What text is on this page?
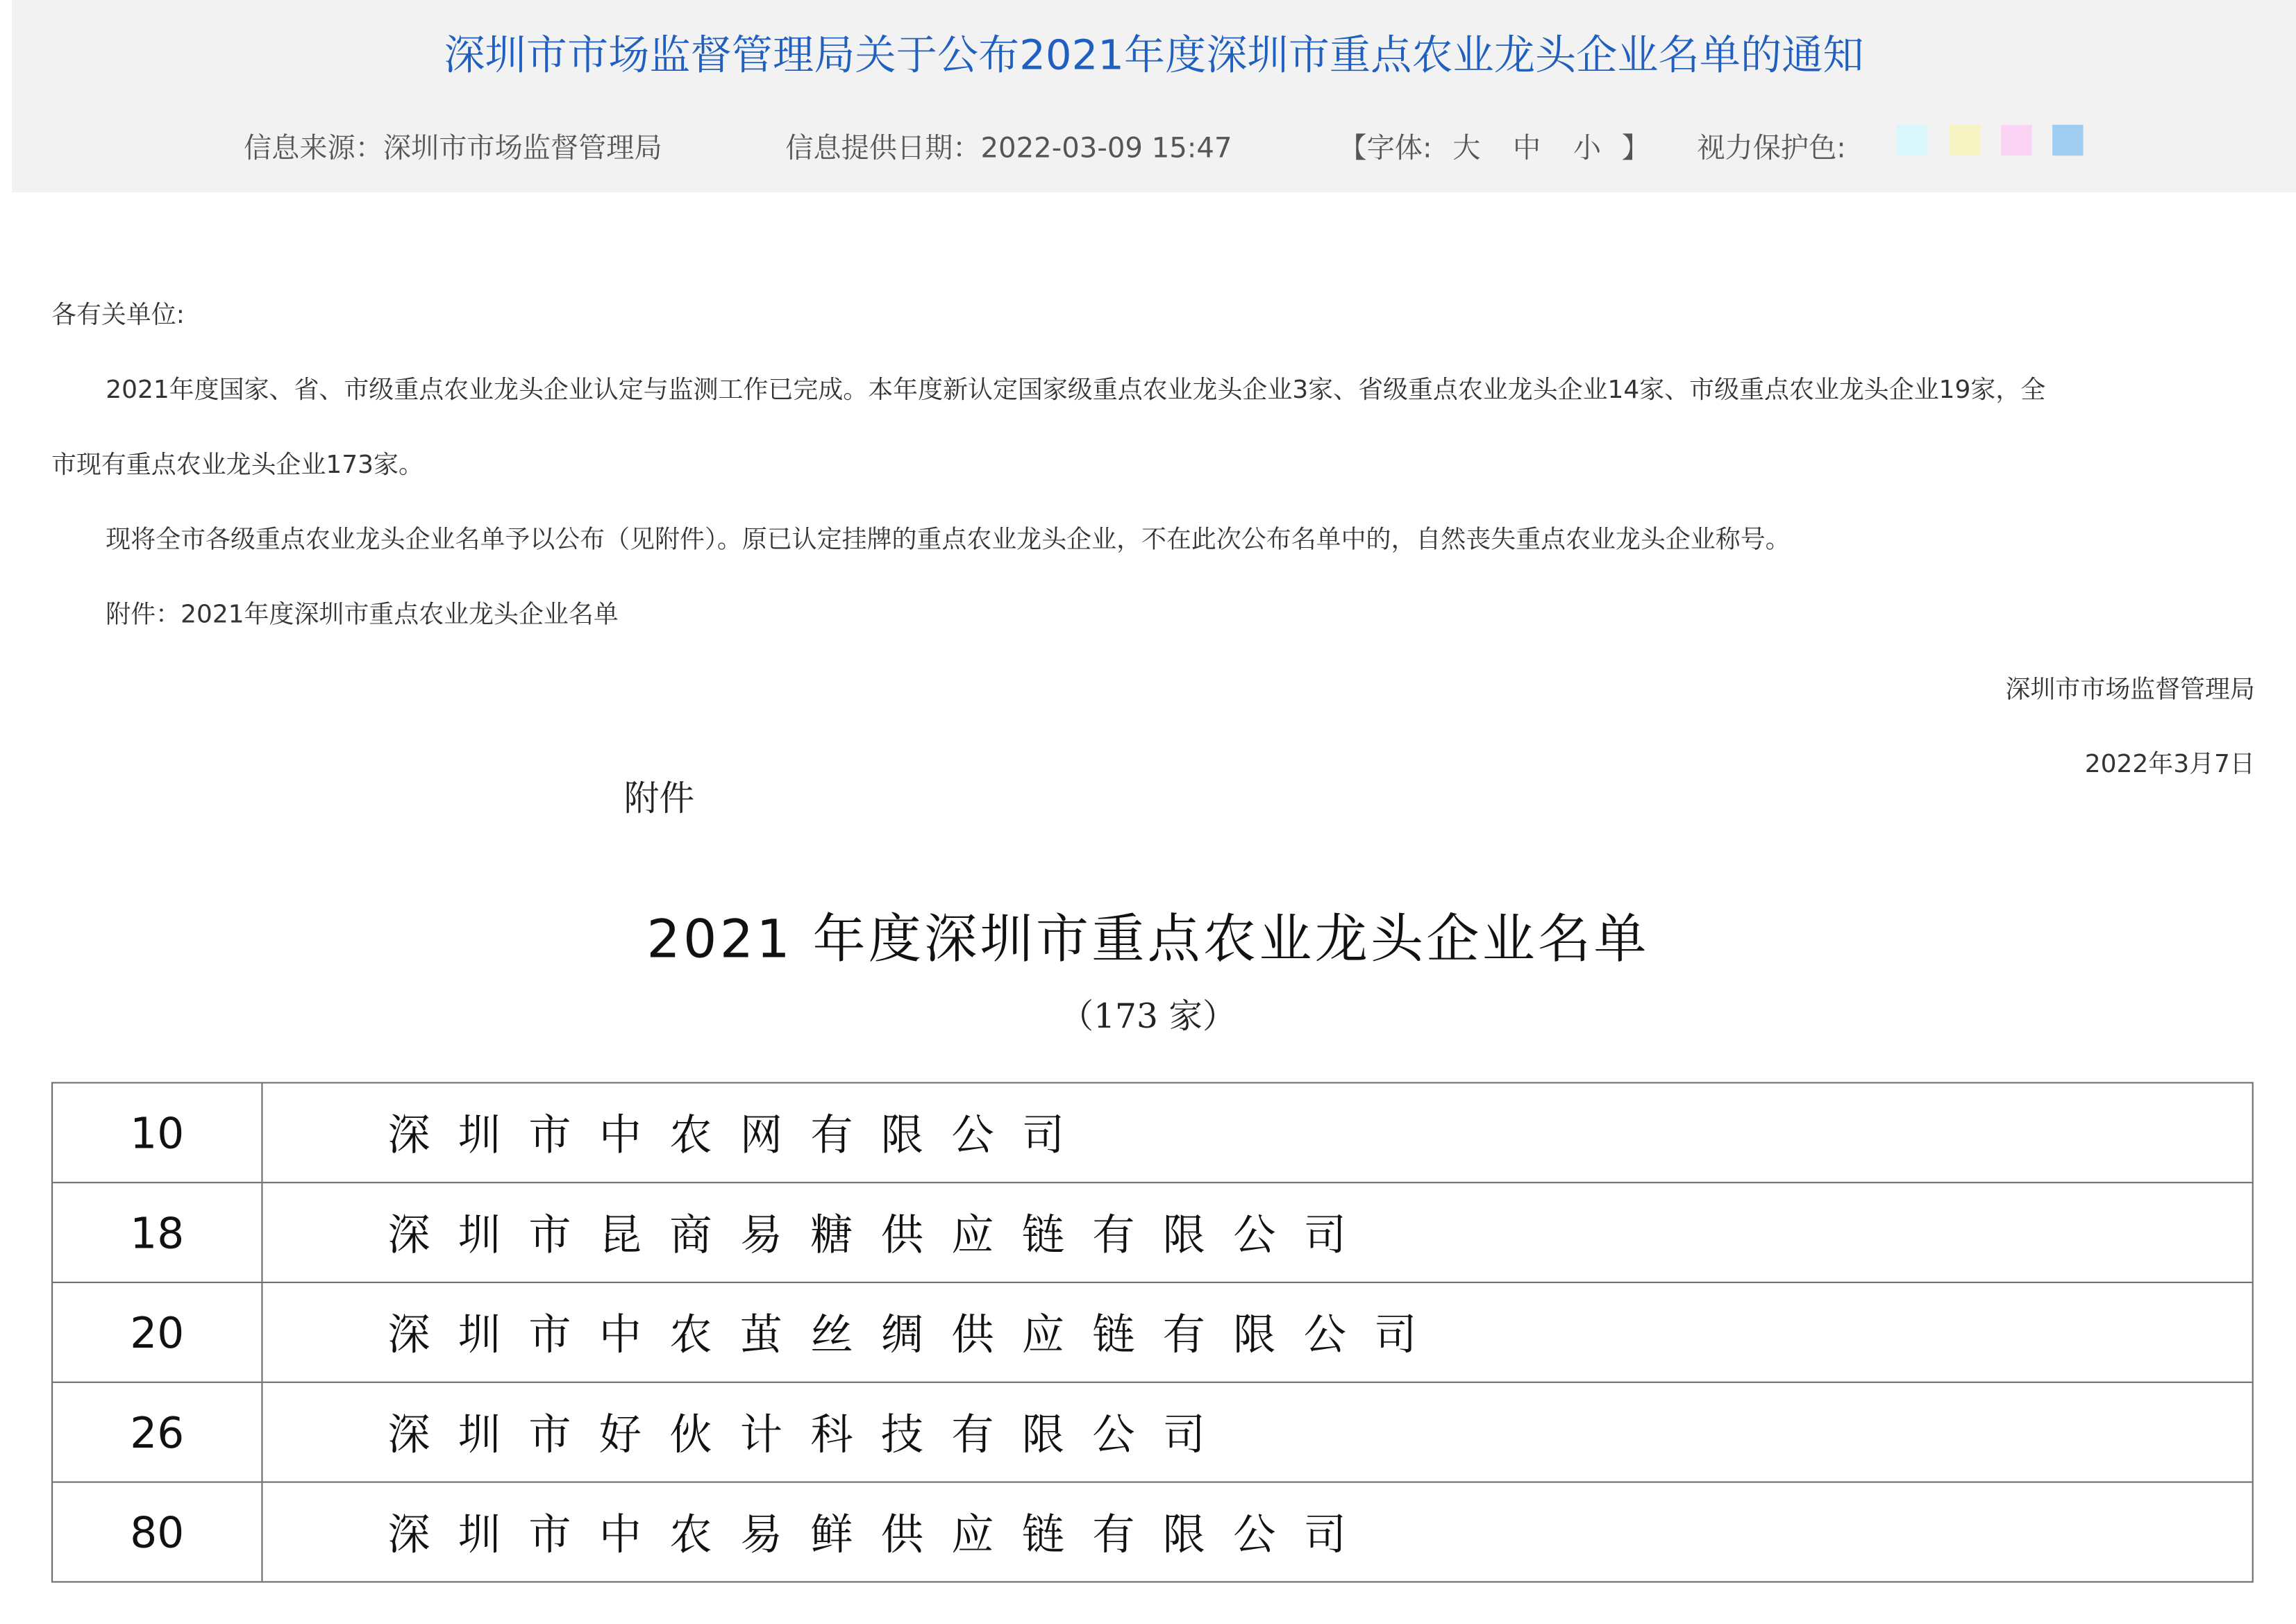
深圳市市场监督管理局关于公布2021年度深圳市重点农业龙头企业名单的通知
信息来源：深圳市市场监督管理局	信息提供日期：2022-03-09 15:47	【字体: 大 中 小 】	视力保护色:
各有关单位:
2021年度国家、省、市级重点农业龙头企业认定与监测工作已完成。本年度新认定国家级重点农业龙头企业3家、省级重点农业龙头企业14家、市级重点农业龙头企业19家，全
市现有重点农业龙头企业173家。
现将全市各级重点农业龙头企业名单予以公布（见附件）。原已认定挂牌的重点农业龙头企业，不在此次公布名单中的，自然丧失重点农业龙头企业称号。
附件：2021年度深圳市重点农业龙头企业名单
深圳市市场监督管理局
2022年3月7日
附件
2021 年度深圳市重点农业龙头企业名单
（173 家）
10	深圳市中农网有限公司
18	深圳市昆商易糖供应链有限公司
20	深圳市中农茧丝绸供应链有限公司
26	深圳市好伙计科技有限公司
80	深圳市中农易鲜供应链有限公司
